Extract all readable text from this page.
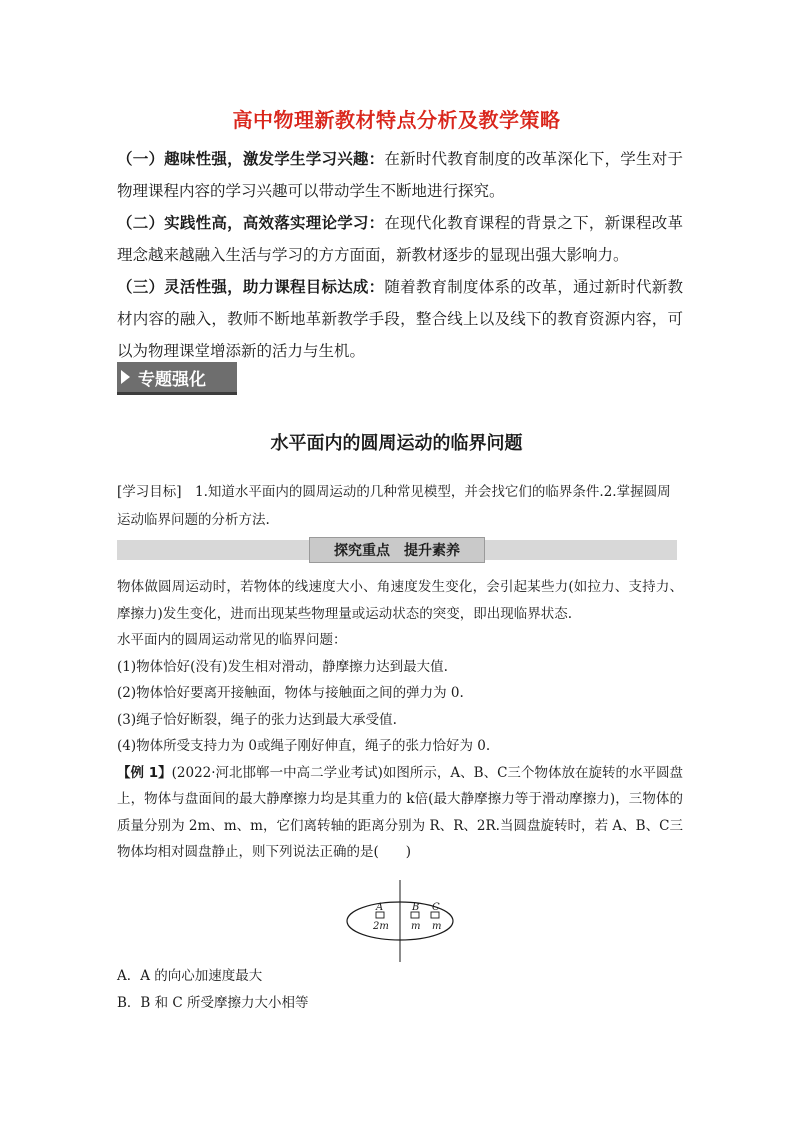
高中物理新教材特点分析及教学策略

（一）趣味性强，激发学生学习兴趣：在新时代教育制度的改革深化下，学生对于物理课程内容的学习兴趣可以带动学生不断地进行探究。

（二）实践性高，高效落实理论学习：在现代化教育课程的背景之下，新课程改革理念越来越融入生活与学习的方方面面，新教材逐步的显现出强大影响力。

（三）灵活性强，助力课程目标达成：随着教育制度体系的改革，通过新时代新教材内容的融入，教师不断地革新教学手段，整合线上以及线下的教育资源内容，可以为物理课堂增添新的活力与生机。

专题强化
水平面内的圆周运动的临界问题
[学习目标]　1.知道水平面内的圆周运动的几种常见模型，并会找它们的临界条件.2.掌握圆周运动临界问题的分析方法.
探究重点 提升素养

物体做圆周运动时，若物体的线速度大小、角速度发生变化，会引起某些力(如拉力、支持力、摩擦力)发生变化，进而出现某些物理量或运动状态的突变，即出现临界状态.

水平面内的圆周运动常见的临界问题：

(1)物体恰好(没有)发生相对滑动，静摩擦力达到最大值.

(2)物体恰好要离开接触面，物体与接触面之间的弹力为 0.

(3)绳子恰好断裂，绳子的张力达到最大承受值.

(4)物体所受支持力为 0或绳子刚好伸直，绳子的张力恰好为 0.

【例 1】(2022·河北邯郸一中高二学业考试)如图所示，A、B、C三个物体放在旋转的水平圆盘上，物体与盘面间的最大静摩擦力均是其重力的 k倍(最大静摩擦力等于滑动摩擦力)，三物体的质量分别为 2m、m、m，它们离转轴的距离分别为 R、R、2R.当圆盘旋转时，若 A、B、C三物体均相对圆盘静止，则下列说法正确的是(　　)

A	B C
2m m m

A．A 的向心加速度最大

B．B 和 C 所受摩擦力大小相等
